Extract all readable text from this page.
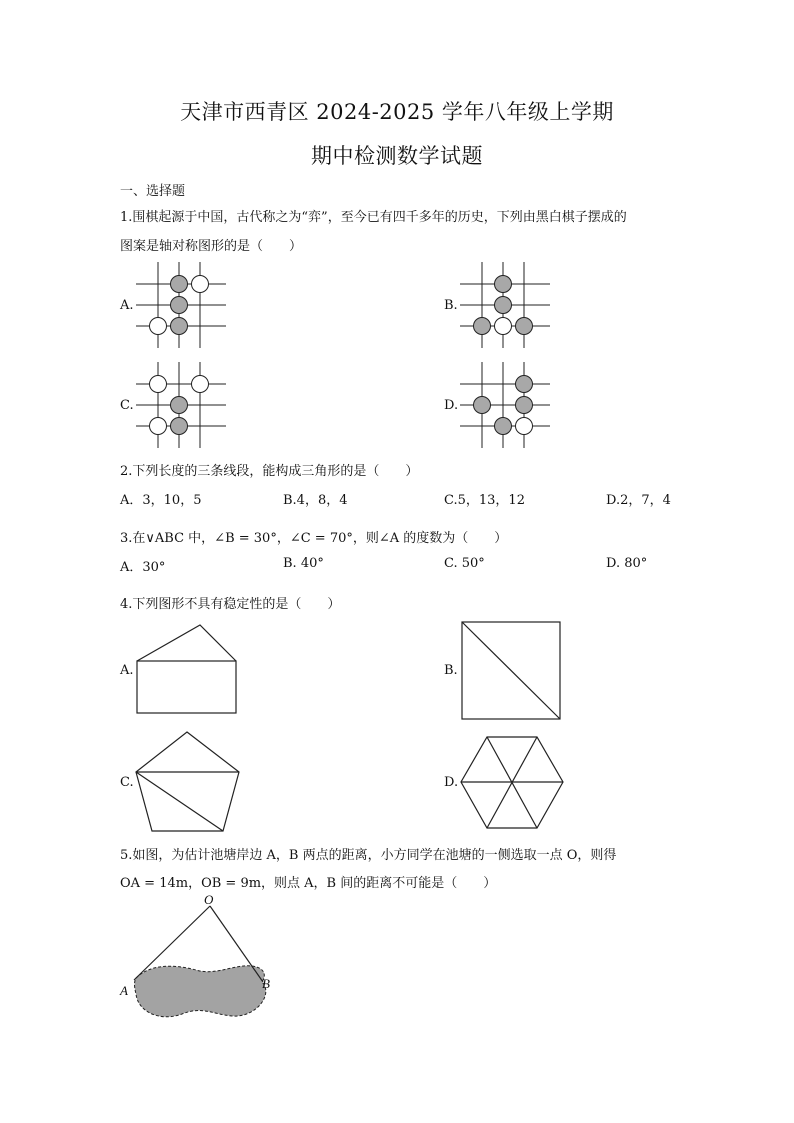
天津市西青区 2024-2025 学年八年级上学期
期中检测数学试题
一、选择题
1.围棋起源于中国，古代称之为“弈”，至今已有四千多年的历史，下列由黑白棋子摆成的
图案是轴对称图形的是（　　）
A.	B.
C.	D.
2.下列长度的三条线段，能构成三角形的是（　　）
A．3，10，5	B.4，8，4	C.5，13，12	D.2，7，4
3.在∨ABC 中，∠B = 30°，∠C = 70°，则∠A 的度数为（　　）
A．30°	B. 40°	C. 50°	D. 80°
4.下列图形不具有稳定性的是（　　）
A.	B.
C.	D.
5.如图，为估计池塘岸边 A，B 两点的距离，小方同学在池塘的一侧选取一点 O，则得
OA = 14m，OB = 9m，则点 A，B 间的距离不可能是（　　）
O
A	B
